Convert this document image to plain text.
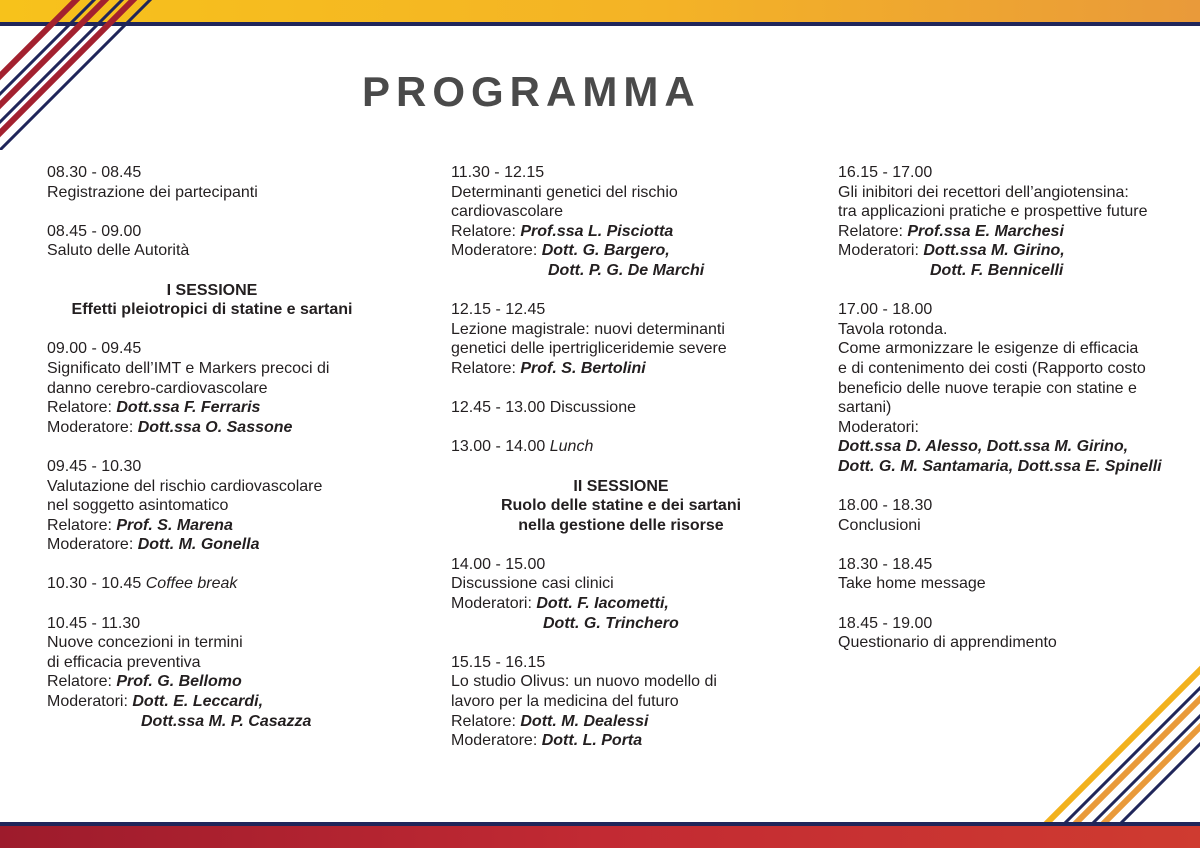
PROGRAMMA
08.30 - 08.45
Registrazione dei partecipanti
08.45 - 09.00
Saluto delle Autorità
I SESSIONE
Effetti pleiotropici di statine e sartani
09.00 - 09.45
Significato dell’IMT e Markers precoci di
danno cerebro-cardiovascolare
Relatore: Dott.ssa F. Ferraris
Moderatore: Dott.ssa O. Sassone
09.45 - 10.30
Valutazione del rischio cardiovascolare
nel soggetto asintomatico
Relatore: Prof. S. Marena
Moderatore: Dott. M. Gonella
10.30 - 10.45 Coffee break
10.45 - 11.30
Nuove concezioni in termini
di efficacia preventiva
Relatore: Prof. G. Bellomo
Moderatori: Dott. E. Leccardi,
Dott.ssa M. P. Casazza
11.30 - 12.15
Determinanti genetici del rischio
cardiovascolare
Relatore: Prof.ssa L. Pisciotta
Moderatore: Dott. G. Bargero,
Dott. P. G. De Marchi
12.15 - 12.45
Lezione magistrale: nuovi determinanti
genetici delle ipertrigliceridemie severe
Relatore: Prof. S. Bertolini
12.45 - 13.00 Discussione
13.00 - 14.00 Lunch
II SESSIONE
Ruolo delle statine e dei sartani
nella gestione delle risorse
14.00 - 15.00
Discussione casi clinici
Moderatori: Dott. F. Iacometti,
Dott. G. Trinchero
15.15 - 16.15
Lo studio Olivus: un nuovo modello di
lavoro per la medicina del futuro
Relatore: Dott. M. Dealessi
Moderatore: Dott. L. Porta
16.15 - 17.00
Gli inibitori dei recettori dell’angiotensina:
tra applicazioni pratiche e prospettive future
Relatore: Prof.ssa E. Marchesi
Moderatori: Dott.ssa M. Girino,
Dott. F. Bennicelli
17.00 - 18.00
Tavola rotonda.
Come armonizzare le esigenze di efficacia
e di contenimento dei costi (Rapporto costo
beneficio delle nuove terapie con statine e
sartani)
Moderatori:
Dott.ssa D. Alesso, Dott.ssa M. Girino,
Dott. G. M. Santamaria, Dott.ssa E. Spinelli
18.00 - 18.30
Conclusioni
18.30 - 18.45
Take home message
18.45 - 19.00
Questionario di apprendimento
